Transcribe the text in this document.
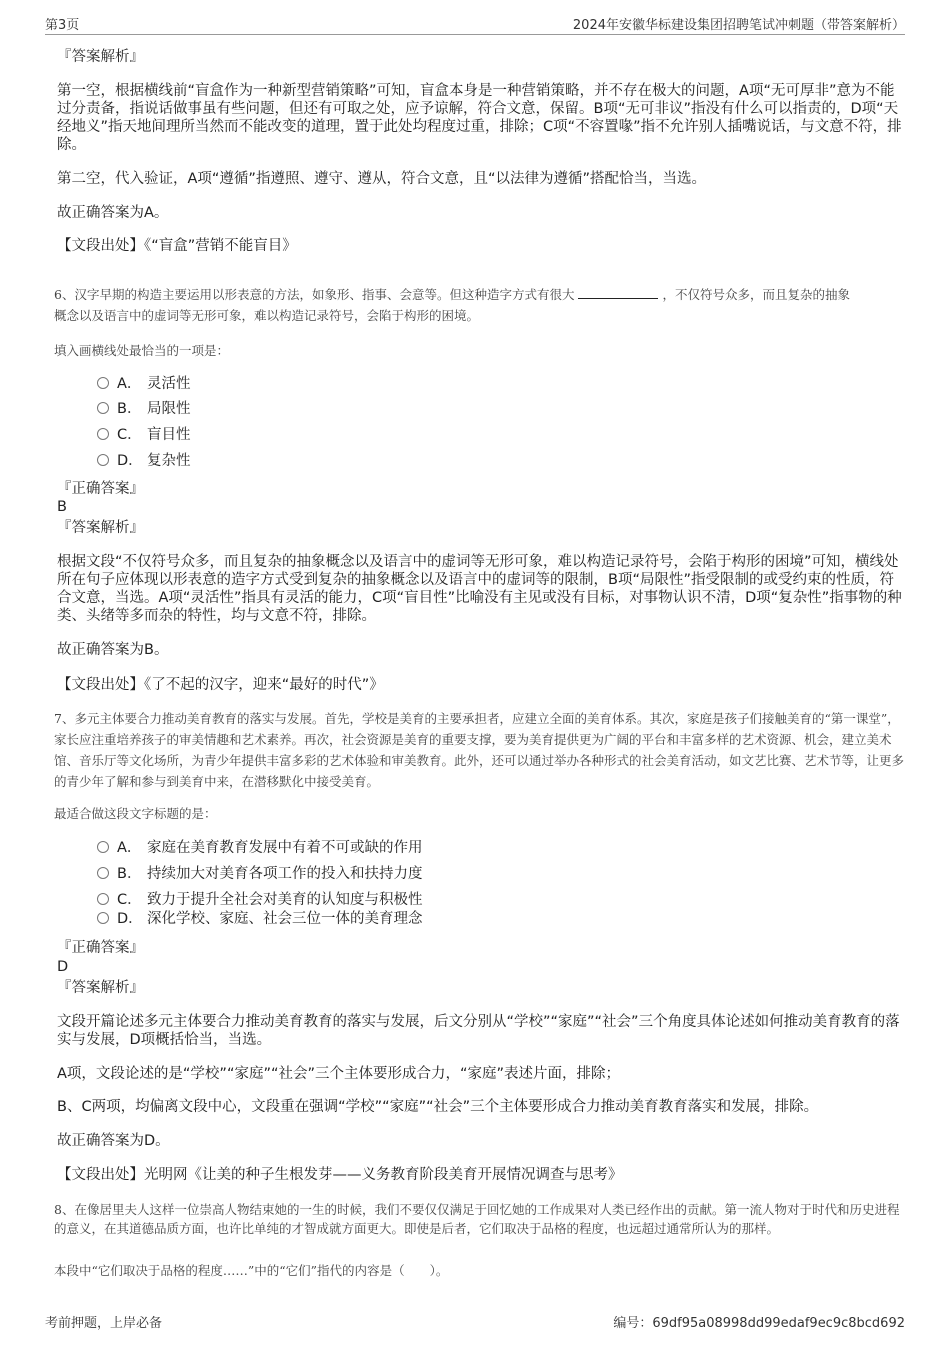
第3页	2024年安徽华标建设集团招聘笔试冲刺题（带答案解析）
『答案解析』
第一空，根据横线前“盲盒作为一种新型营销策略”可知，盲盒本身是一种营销策略，并不存在极大的问题，A项“无可厚非”意为不能过分责备，指说话做事虽有些问题，但还有可取之处，应予谅解，符合文意，保留。B项“无可非议”指没有什么可以指责的，D项“天经地义”指天地间理所当然而不能改变的道理，置于此处均程度过重，排除；C项“不容置喙”指不允许别人插嘴说话，与文意不符，排除。
第二空，代入验证，A项“遵循”指遵照、遵守、遵从，符合文意，且“以法律为遵循”搭配恰当，当选。
故正确答案为A。
【文段出处】《“盲盒”营销不能盲目》
6、汉字早期的构造主要运用以形表意的方法，如象形、指事、会意等。但这种造字方式有很大	，不仅符号众多，而且复杂的抽象
概念以及语言中的虚词等无形可象，难以构造记录符号，会陷于构形的困境。
填入画横线处最恰当的一项是：
A． 灵活性
B． 局限性
C． 盲目性
D． 复杂性
『正确答案』
B
『答案解析』
根据文段“不仅符号众多，而且复杂的抽象概念以及语言中的虚词等无形可象，难以构造记录符号，会陷于构形的困境”可知，横线处所在句子应体现以形表意的造字方式受到复杂的抽象概念以及语言中的虚词等的限制，B项“局限性”指受限制的或受约束的性质，符合文意，当选。A项“灵活性”指具有灵活的能力，C项“盲目性”比喻没有主见或没有目标，对事物认识不清，D项“复杂性”指事物的种类、头绪等多而杂的特性，均与文意不符，排除。
故正确答案为B。
【文段出处】《了不起的汉字，迎来“最好的时代”》
7、多元主体要合力推动美育教育的落实与发展。首先，学校是美育的主要承担者，应建立全面的美育体系。其次，家庭是孩子们接触美育的“第一课堂”，家长应注重培养孩子的审美情趣和艺术素养。再次，社会资源是美育的重要支撑，要为美育提供更为广阔的平台和丰富多样的艺术资源、机会，建立美术馆、音乐厅等文化场所，为青少年提供丰富多彩的艺术体验和审美教育。此外，还可以通过举办各种形式的社会美育活动，如文艺比赛、艺术节等，让更多的青少年了解和参与到美育中来，在潜移默化中接受美育。
最适合做这段文字标题的是：
A． 家庭在美育教育发展中有着不可或缺的作用
B． 持续加大对美育各项工作的投入和扶持力度
C． 致力于提升全社会对美育的认知度与积极性
D． 深化学校、家庭、社会三位一体的美育理念
『正确答案』
D
『答案解析』
文段开篇论述多元主体要合力推动美育教育的落实与发展，后文分别从“学校”“家庭”“社会”三个角度具体论述如何推动美育教育的落实与发展，D项概括恰当，当选。
A项，文段论述的是“学校”“家庭”“社会”三个主体要形成合力，“家庭”表述片面，排除；
B、C两项，均偏离文段中心，文段重在强调“学校”“家庭”“社会”三个主体要形成合力推动美育教育落实和发展，排除。
故正确答案为D。
【文段出处】光明网《让美的种子生根发芽——义务教育阶段美育开展情况调查与思考》
8、在像居里夫人这样一位崇高人物结束她的一生的时候，我们不要仅仅满足于回忆她的工作成果对人类已经作出的贡献。第一流人物对于时代和历史进程的意义，在其道德品质方面，也许比单纯的才智成就方面更大。即使是后者，它们取决于品格的程度，也远超过通常所认为的那样。
本段中“它们取决于品格的程度……”中的“它们”指代的内容是（　　）。
考前押题，上岸必备	编号：69df95a08998dd99edaf9ec9c8bcd692
